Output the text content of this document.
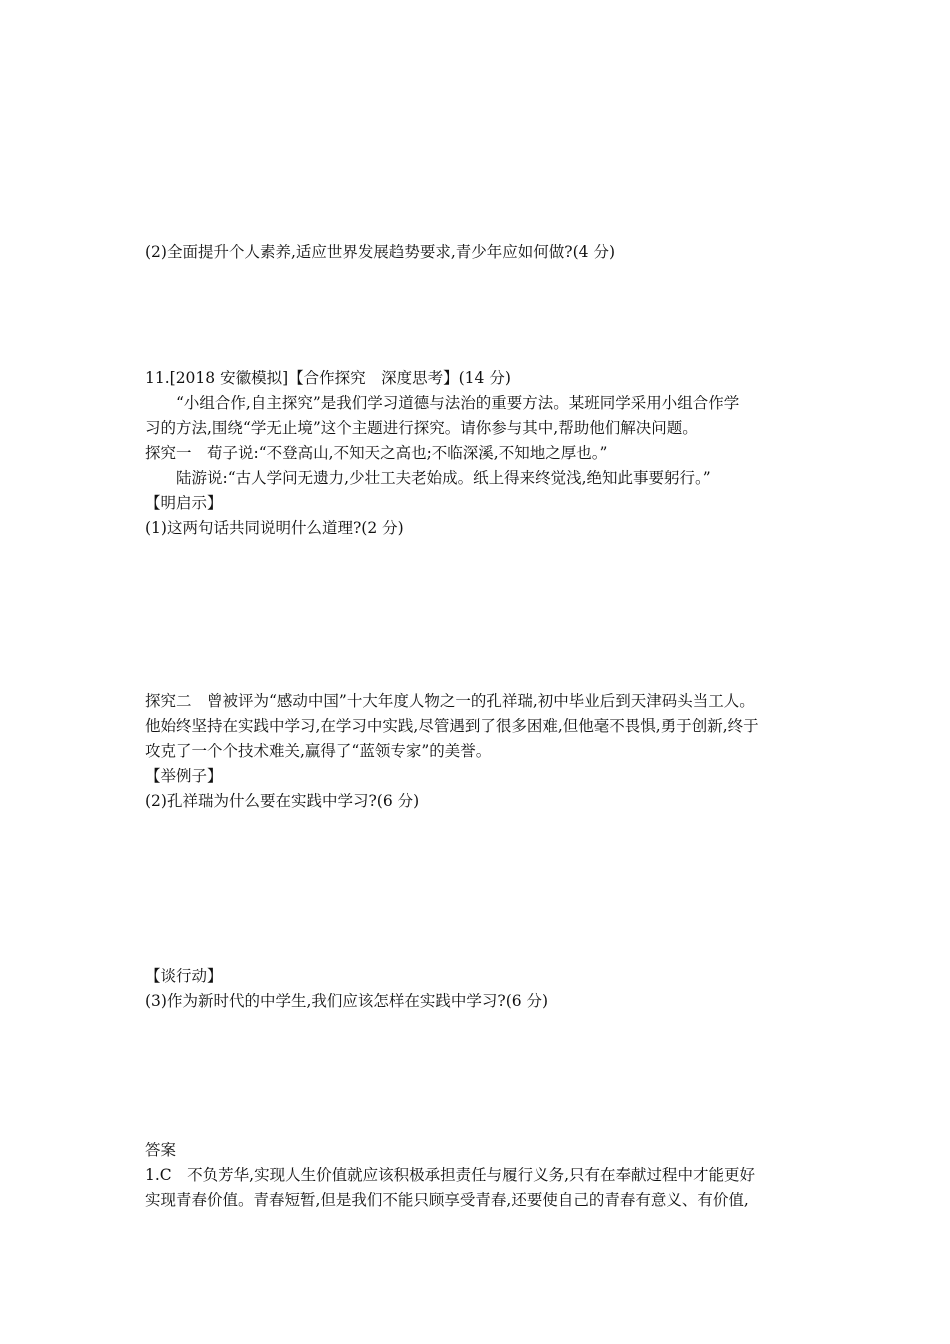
(2)全面提升个人素养,适应世界发展趋势要求,青少年应如何做?(4 分)
11.[2018 安徽模拟]【合作探究　深度思考】(14 分)
“小组合作,自主探究”是我们学习道德与法治的重要方法。某班同学采用小组合作学
习的方法,围绕“学无止境”这个主题进行探究。请你参与其中,帮助他们解决问题。
探究一　荀子说:“不登高山,不知天之高也;不临深溪,不知地之厚也。”
陆游说:“古人学问无遗力,少壮工夫老始成。纸上得来终觉浅,绝知此事要躬行。”
【明启示】
(1)这两句话共同说明什么道理?(2 分)
探究二　曾被评为“感动中国”十大年度人物之一的孔祥瑞,初中毕业后到天津码头当工人。
他始终坚持在实践中学习,在学习中实践,尽管遇到了很多困难,但他毫不畏惧,勇于创新,终于
攻克了一个个技术难关,赢得了“蓝领专家”的美誉。
【举例子】
(2)孔祥瑞为什么要在实践中学习?(6 分)
【谈行动】
(3)作为新时代的中学生,我们应该怎样在实践中学习?(6 分)
答案
1.C　不负芳华,实现人生价值就应该积极承担责任与履行义务,只有在奉献过程中才能更好
实现青春价值。青春短暂,但是我们不能只顾享受青春,还要使自己的青春有意义、有价值,
